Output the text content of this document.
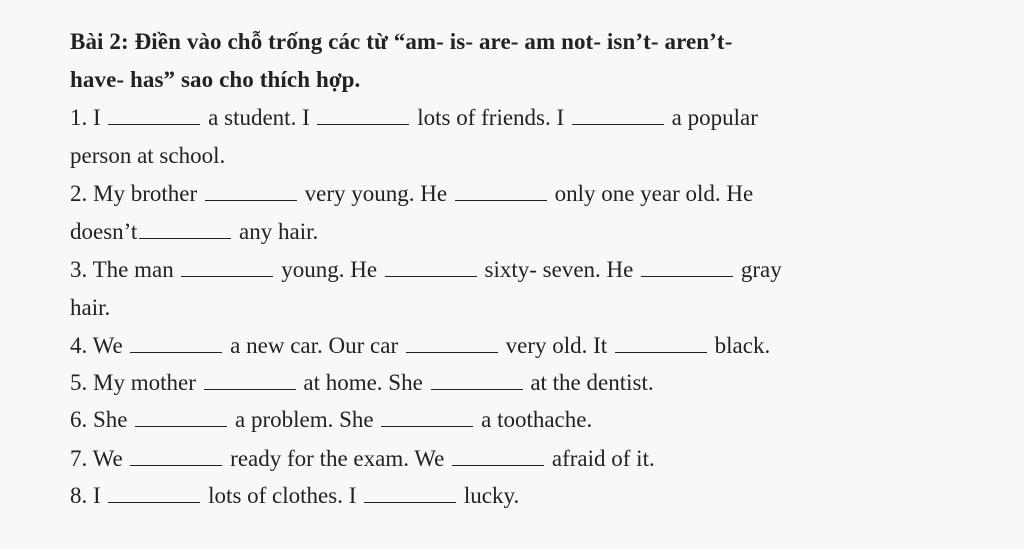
Bài 2: Điền vào chỗ trống các từ “am- is- are- am not- isn’t- aren’t-
have- has” sao cho thích hợp.
1. I	a student. I	lots of friends. I	a popular
person at school.
2. My brother	very young. He	only one year old. He
doesn’t	any hair.
3. The man	young. He	sixty- seven. He	gray
hair.
4. We	a new car. Our car	very old. It	black.
5. My mother	at home. She	at the dentist.
6. She	a problem. She	a toothache.
7. We	ready for the exam. We	afraid of it.
8. I	lots of clothes. I	lucky.
